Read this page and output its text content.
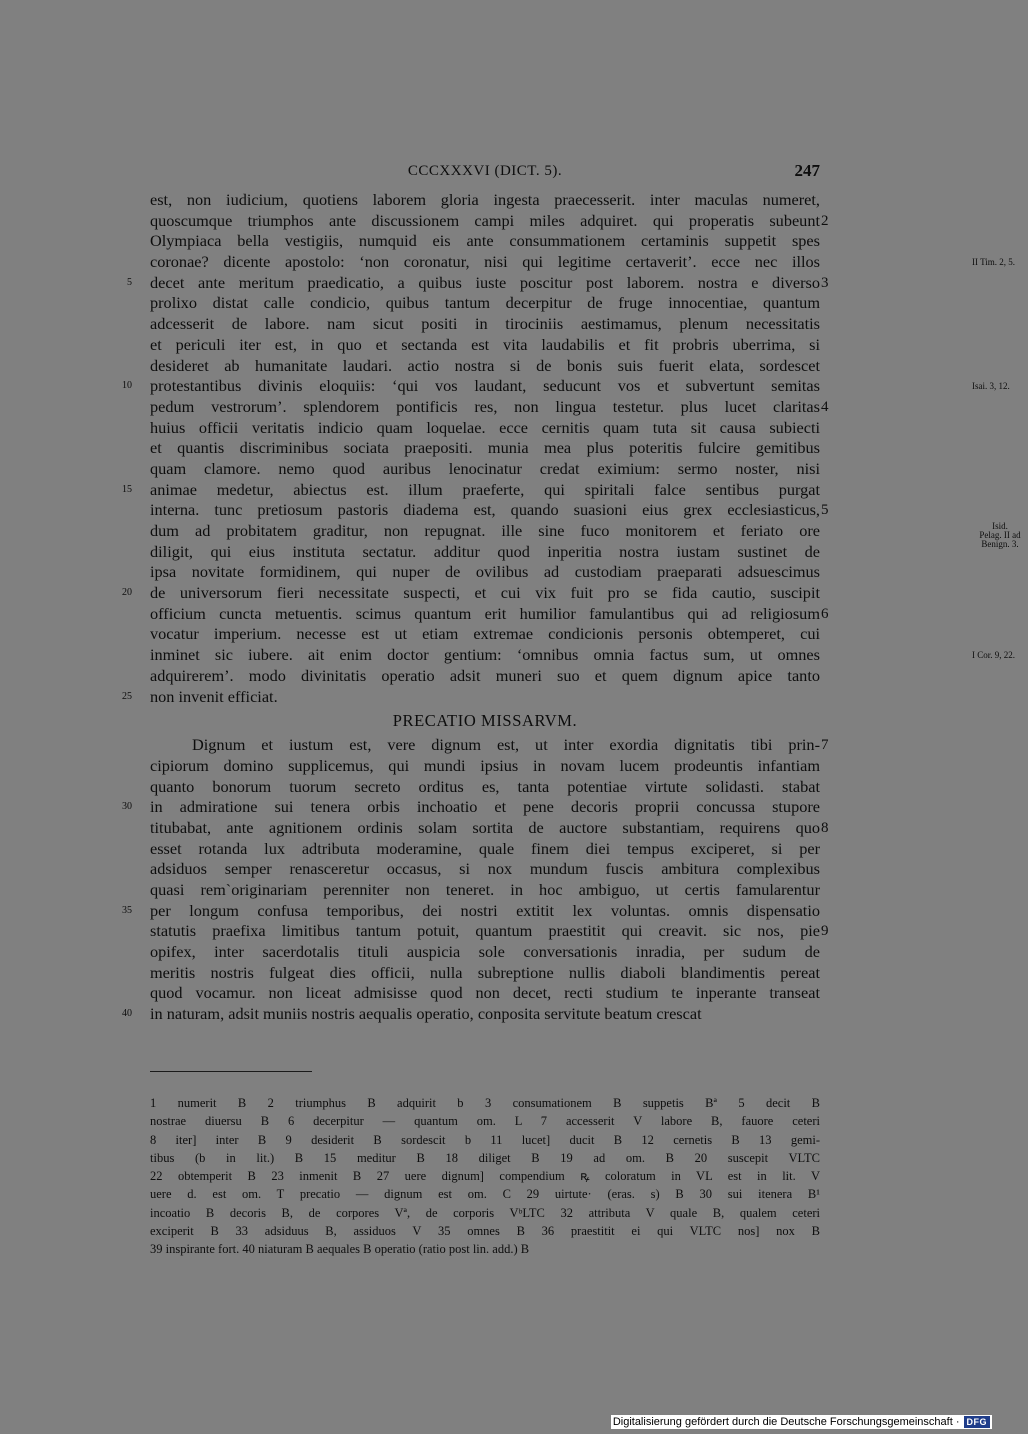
CCCXXXVI (DICT. 5).	247
est, non iudicium, quotiens laborem gloria ingesta praecesserit. inter maculas numeret,
quoscumque triumphos ante discussionem campi miles adquiret. qui properatis subeunt 2
Olympiaca bella vestigiis, numquid eis ante consummationem certaminis suppetit spes
coronae? dicente apostolo: ‘non coronatur, nisi qui legitime certaverit’. ecce nec illos	II Tim. 2, 5.
decet ante meritum praedicatio, a quibus iuste poscitur post laborem. nostra e diverso
5	3
prolixo distat calle condicio, quibus tantum decerpitur de fruge innocentiae, quantum
adcesserit de labore. nam sicut positi in tirociniis aestimamus, plenum necessitatis
et periculi iter est, in quo et sectanda est vita laudabilis et fit probris uberrima, si
desideret ab humanitate laudari. actio nostra si de bonis suis fuerit elata, sordescet
protestantibus divinis eloquiis: ‘qui vos laudant, seducunt vos et subvertunt semitas
10	Isai. 3, 12.
pedum vestrorum’. splendorem pontificis res, non lingua testetur. plus lucet claritas 4
huius officii veritatis indicio quam loquelae. ecce cernitis quam tuta sit causa subiecti
et quantis discriminibus sociata praepositi. munia mea plus poteritis fulcire gemitibus
quam clamore. nemo quod auribus lenocinatur credat eximium: sermo noster, nisi
animae medetur, abiectus est. illum praeferte, qui spiritali falce sentibus purgat
15
interna. tunc pretiosum pastoris diadema est, quando suasioni eius grex ecclesiasticus, 5
dum ad probitatem graditur, non repugnat. ille sine fuco monitorem et feriato ore	Isid.
Pelag. II ad
Benign. 3.
diligit, qui eius instituta sectatur. additur quod inperitia nostra iustam sustinet de
ipsa novitate formidinem, qui nuper de ovilibus ad custodiam praeparati adsuescimus
de universorum fieri necessitate suspecti, et cui vix fuit pro se fida cautio, suscipit
20
officium cuncta metuentis. scimus quantum erit humilior famulantibus qui ad religiosum 6
vocatur imperium. necesse est ut etiam extremae condicionis personis obtemperet, cui
inminet sic iubere. ait enim doctor gentium: ‘omnibus omnia factus sum, ut omnes	I Cor. 9, 22.
adquirerem’. modo divinitatis operatio adsit muneri suo et quem dignum apice tanto
non invenit efficiat.
25
PRECATIO MISSARVM.
Dignum et iustum est, vere dignum est, ut inter exordia dignitatis tibi prin- 7
cipiorum domino supplicemus, qui mundi ipsius in novam lucem prodeuntis infantiam
quanto bonorum tuorum secreto orditus es, tanta potentiae virtute solidasti. stabat
in admiratione sui tenera orbis inchoatio et pene decoris proprii concussa stupore
30
titubabat, ante agnitionem ordinis solam sortita de auctore substantiam, requirens quo 8
esset rotanda lux adtributa moderamine, quale finem diei tempus exciperet, si per
adsiduos semper renasceretur occasus, si nox mundum fuscis ambitura complexibus
quasi rem`originariam perenniter non teneret. in hoc ambiguo, ut certis famularentur
per longum confusa temporibus, dei nostri extitit lex voluntas. omnis dispensatio
35
statutis praefixa limitibus tantum potuit, quantum praestitit qui creavit. sic nos, pie 9
opifex, inter sacerdotalis tituli auspicia sole conversationis inradia, per sudum de
meritis nostris fulgeat dies officii, nulla subreptione nullis diaboli blandimentis pereat
quod vocamur. non liceat admisisse quod non decet, recti studium te inperante transeat
in naturam, adsit muniis nostris aequalis operatio, conposita servitute beatum crescat
40
1 numerit B 2 triumphus B adquirit b 3 consumationem B suppetis Bª 5 decit B
nostrae diuersu B 6 decerpitur — quantum om. L 7 accesserit V labore B, fauore ceteri
8 iter] inter B 9 desiderit B sordescit b 11 lucet] ducit B 12 cernetis B 13 gemi-
tibus (b in lit.) B 15 meditur B 18 diliget B 19 ad om. B 20 suscepit VLTC
22 obtemperit B 23 inmenit B 27 uere dignum] compendium ꝶ coloratum in VL est in lit. V
uere d. est om. T precatio — dignum est om. C 29 uirtute· (eras. s) B 30 sui itenera B¹
incoatio B decoris B, de corpores Vª, de corporis VᵇLTC 32 attributa V quale B, qualem ceteri
exciperit B 33 adsiduus B, assiduos V 35 omnes B 36 praestitit ei qui VLTC nos] nox B
39 inspirante fort. 40 niaturam B aequales B operatio (ratio post lin. add.) B
Digitalisierung gefördert durch die Deutsche Forschungsgemeinschaft · DFG
